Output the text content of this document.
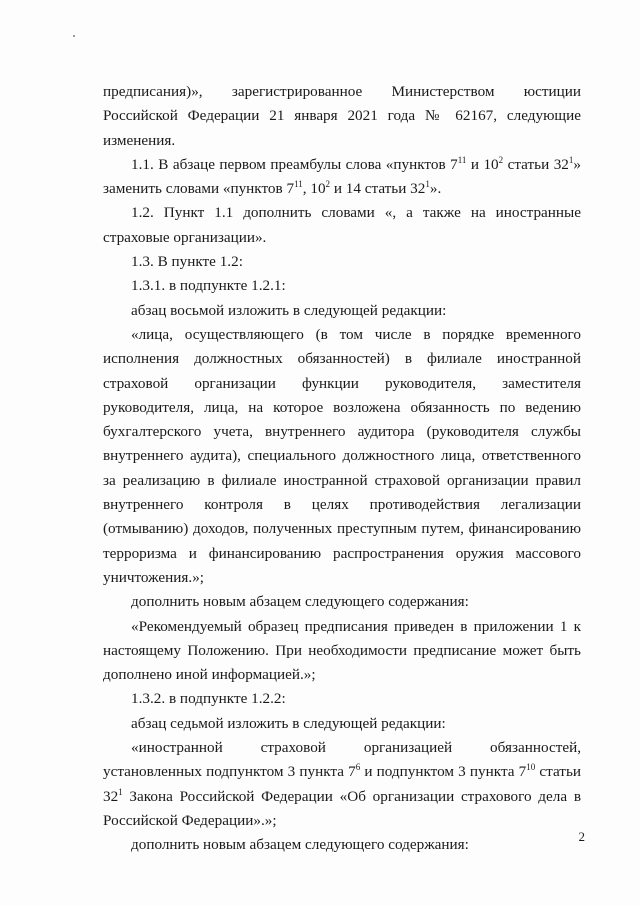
предписания)», зарегистрированное Министерством юстиции Российской Федерации 21 января 2021 года № 62167, следующие изменения.

1.1. В абзаце первом преамбулы слова «пунктов $7^{11}$ и $10^2$ статьи $32^1$» заменить словами «пунктов $7^{11}$, $10^2$ и 14 статьи $32^1$».

1.2. Пункт 1.1 дополнить словами «, а также на иностранные страховые организации».

1.3. В пункте 1.2:

1.3.1. в подпункте 1.2.1:

абзац восьмой изложить в следующей редакции:

«лица, осуществляющего (в том числе в порядке временного исполнения должностных обязанностей) в филиале иностранной страховой организации функции руководителя, заместителя руководителя, лица, на которое возложена обязанность по ведению бухгалтерского учета, внутреннего аудитора (руководителя службы внутреннего аудита), специального должностного лица, ответственного за реализацию в филиале иностранной страховой организации правил внутреннего контроля в целях противодействия легализации (отмыванию) доходов, полученных преступным путем, финансированию терроризма и финансированию распространения оружия массового уничтожения.»;

дополнить новым абзацем следующего содержания:

«Рекомендуемый образец предписания приведен в приложении 1 к настоящему Положению. При необходимости предписание может быть дополнено иной информацией.»;

1.3.2. в подпункте 1.2.2:

абзац седьмой изложить в следующей редакции:

«иностранной страховой организацией обязанностей, установленных подпунктом 3 пункта $7^6$ и подпунктом 3 пункта $7^{10}$ статьи $32^1$ Закона Российской Федерации «Об организации страхового дела в Российской Федерации».»;

дополнить новым абзацем следующего содержания:	2
